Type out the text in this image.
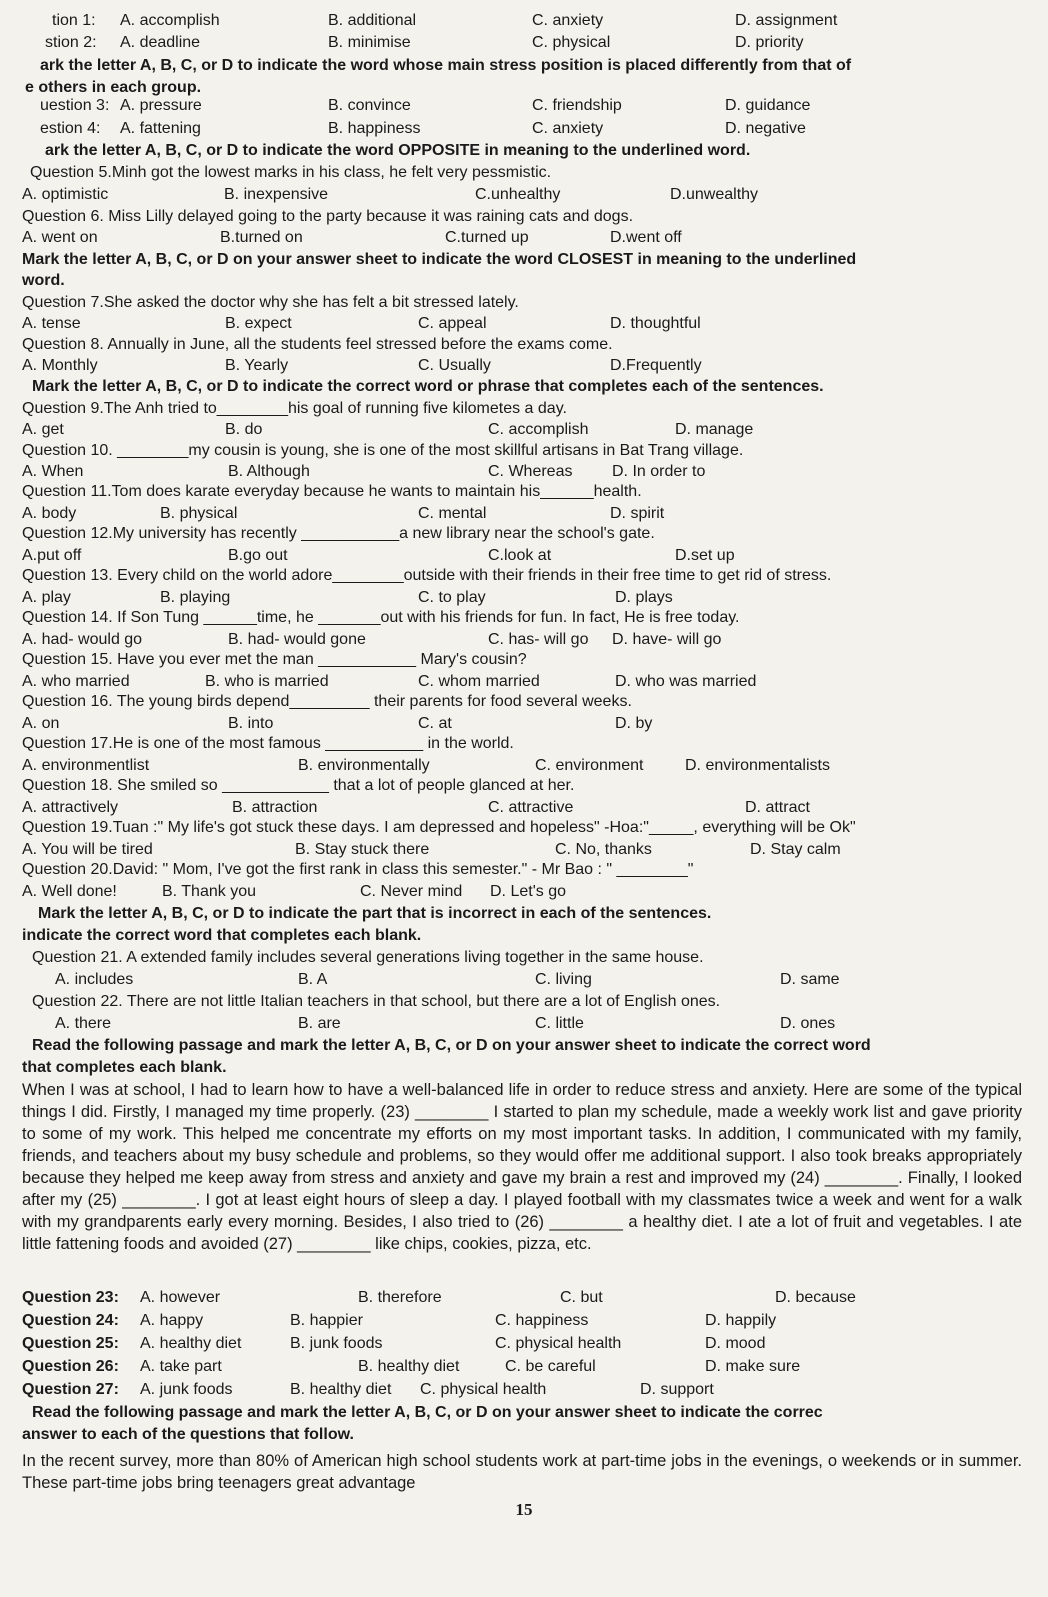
tion 1: A. accomplish	B. additional	C. anxiety	D. assignment
stion 2: A. deadline	B. minimise	C. physical	D. priority
ark the letter A, B, C, or D to indicate the word whose main stress position is placed differently from that of
e others in each group.
uestion 3: A. pressure	B. convince	C. friendship	D. guidance
estion 4: A. fattening	B. happiness	C. anxiety	D. negative
ark the letter A, B, C, or D to indicate the word OPPOSITE in meaning to the underlined word.
Question 5.Minh got the lowest marks in his class, he felt very pessmistic.
A. optimistic	B. inexpensive	C.unhealthy	D.unwealthy
Question 6. Miss Lilly delayed going to the party because it was raining cats and dogs.
A. went on	B.turned on	C.turned up	D.went off
Mark the letter A, B, C, or D on your answer sheet to indicate the word CLOSEST in meaning to the underlined
word.
Question 7.She asked the doctor why she has felt a bit stressed lately.
A. tense	B. expect	C. appeal	D. thoughtful
Question 8. Annually in June, all the students feel stressed before the exams come.
A. Monthly	B. Yearly	C. Usually	D.Frequently
Mark the letter A, B, C, or D to indicate the correct word or phrase that completes each of the sentences.
Question 9.The Anh tried to________his goal of running five kilometes a day.
A. get	B. do	C. accomplish	D. manage
Question 10. ________my cousin is young, she is one of the most skillful artisans in Bat Trang village.
A. When	B. Although	C. Whereas D. In order to
Question 11.Tom does karate everyday because he wants to maintain his______health.
A. body	B. physical	C. mental	D. spirit
Question 12.My university has recently ___________a new library near the school's gate.
A.put off	B.go out	C.look at	D.set up
Question 13. Every child on the world adore________outside with their friends in their free time to get rid of stress.
A. play	B. playing	C. to play	D. plays
Question 14. If Son Tung ______time, he _______out with his friends for fun. In fact, He is free today.
A. had- would go	B. had- would gone	C. has- will go D. have- will go
Question 15. Have you ever met the man ___________ Mary's cousin?
A. who married	B. who is married	C. whom married	D. who was married
Question 16. The young birds depend_________ their parents for food several weeks.
A. on	B. into	C. at	D. by
Question 17.He is one of the most famous ___________ in the world.
A. environmentlist	B. environmentally	C. environment	D. environmentalists
Question 18. She smiled so ____________ that a lot of people glanced at her.
A. attractively	B. attraction	C. attractive	D. attract
Question 19.Tuan :" My life's got stuck these days. I am depressed and hopeless" -Hoa:"_____, everything will be Ok"
A. You will be tired	B. Stay stuck there	C. No, thanks	D. Stay calm
Question 20.David: " Mom, I've got the first rank in class this semester." - Mr Bao : " ________"
A. Well done!	B. Thank you	C. Never mind D. Let's go
Mark the letter A, B, C, or D to indicate the part that is incorrect in each of the sentences.
indicate the correct word that completes each blank.
Question 21. A extended family includes several generations living together in the same house.
A. includes	B. A	C. living	D. same
Question 22. There are not little Italian teachers in that school, but there are a lot of English ones.
A. there	B. are	C. little	D. ones
Read the following passage and mark the letter A, B, C, or D on your answer sheet to indicate the correct word
that completes each blank.
When I was at school, I had to learn how to have a well-balanced life in order to reduce stress and anxiety. Here are some of the typical things I did. Firstly, I managed my time properly. (23) ________ I started to plan my schedule, made a weekly work list and gave priority to some of my work. This helped me concentrate my efforts on my most important tasks. In addition, I communicated with my family, friends, and teachers about my busy schedule and problems, so they would offer me additional support. I also took breaks appropriately because they helped me keep away from stress and anxiety and gave my brain a rest and improved my (24) ________. Finally, I looked after my (25) ________. I got at least eight hours of sleep a day. I played football with my classmates twice a week and went for a walk with my grandparents early every morning. Besides, I also tried to (26) ________ a healthy diet. I ate a lot of fruit and vegetables. I ate little fattening foods and avoided (27) ________ like chips, cookies, pizza, etc.
Question 23: A. however	B. therefore	C. but	D. because
Question 24: A. happy	B. happier	C. happiness	D. happily
Question 25: A. healthy diet	B. junk foods	C. physical health	D. mood
Question 26: A. take part	B. healthy diet	C. be careful	D. make sure
Question 27: A. junk foods	B. healthy diet C. physical health	D. support
Read the following passage and mark the letter A, B, C, or D on your answer sheet to indicate the correc
answer to each of the questions that follow.
In the recent survey, more than 80% of American high school students work at part-time jobs in the evenings, o weekends or in summer. These part-time jobs bring teenagers great advantage
15
